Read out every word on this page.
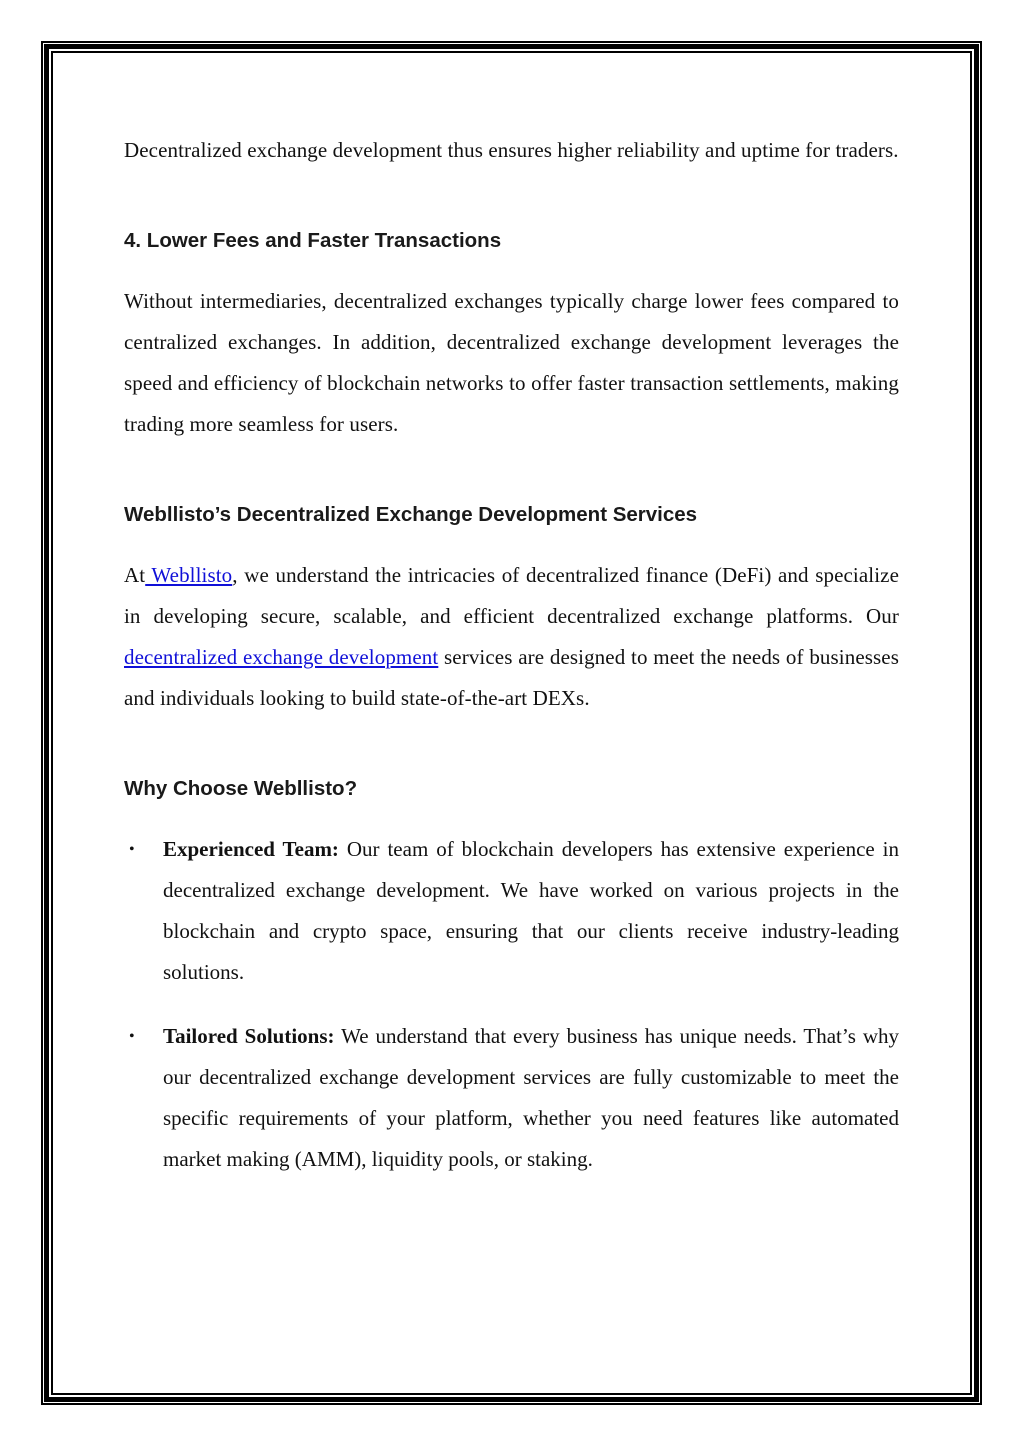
Decentralized exchange development thus ensures higher reliability and uptime for traders.

4. Lower Fees and Faster Transactions

Without intermediaries, decentralized exchanges typically charge lower fees compared to centralized exchanges. In addition, decentralized exchange development leverages the speed and efficiency of blockchain networks to offer faster transaction settlements, making trading more seamless for users.

Webllisto’s Decentralized Exchange Development Services

At Webllisto, we understand the intricacies of decentralized finance (DeFi) and specialize in developing secure, scalable, and efficient decentralized exchange platforms. Our decentralized exchange development services are designed to meet the needs of businesses and individuals looking to build state-of-the-art DEXs.

Why Choose Webllisto?
• Experienced Team: Our team of blockchain developers has extensive experience in decentralized exchange development. We have worked on various projects in the blockchain and crypto space, ensuring that our clients receive industry-leading solutions.
• Tailored Solutions: We understand that every business has unique needs. That’s why our decentralized exchange development services are fully customizable to meet the specific requirements of your platform, whether you need features like automated market making (AMM), liquidity pools, or staking.
